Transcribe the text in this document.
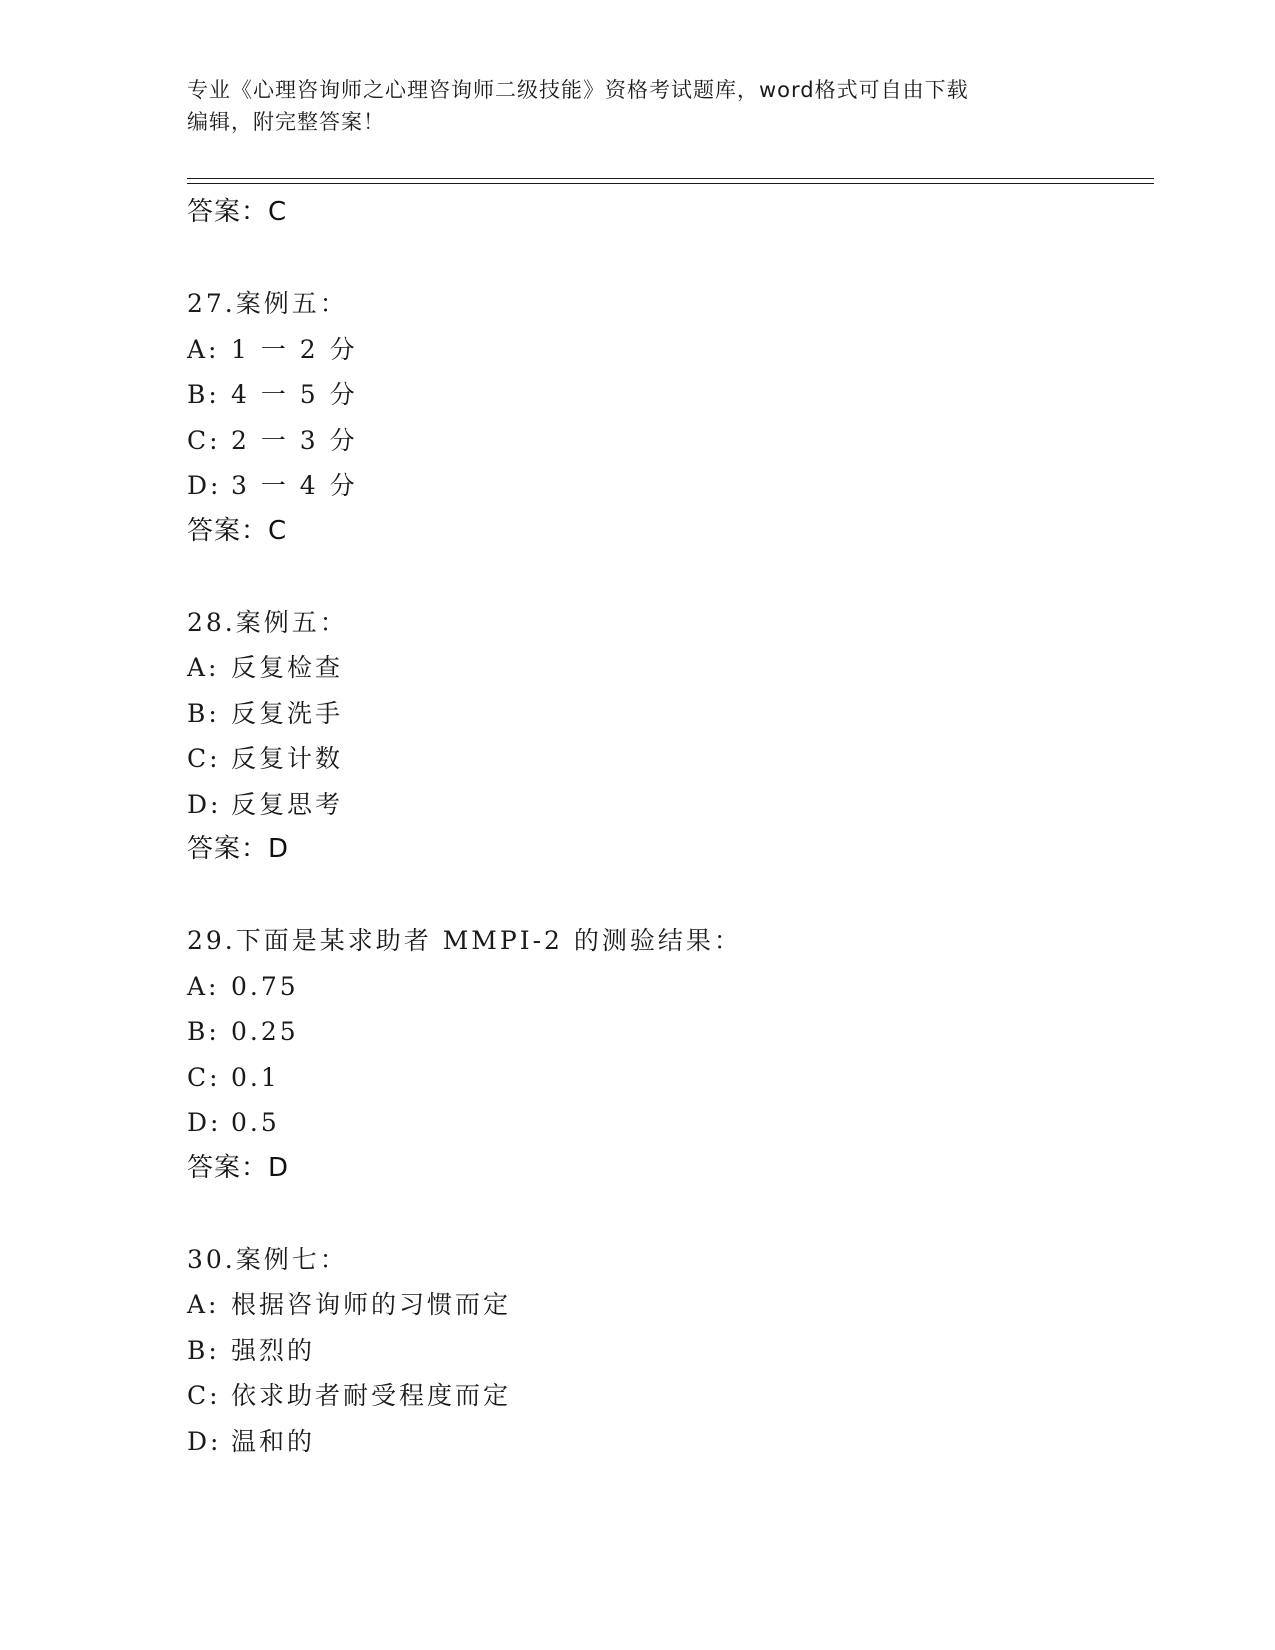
专业《心理咨询师之心理咨询师二级技能》资格考试题库，word格式可自由下载
编辑，附完整答案！
答案：C
27.案例五：
A: 1 一 2 分
B: 4 一 5 分
C: 2 一 3 分
D: 3 一 4 分
答案：C
28.案例五：
A: 反复检查
B: 反复洗手
C: 反复计数
D: 反复思考
答案：D
29.下面是某求助者 MMPI-2 的测验结果：
A: 0.75
B: 0.25
C: 0.1
D: 0.5
答案：D
30.案例七：
A: 根据咨询师的习惯而定
B: 强烈的
C: 依求助者耐受程度而定
D: 温和的
